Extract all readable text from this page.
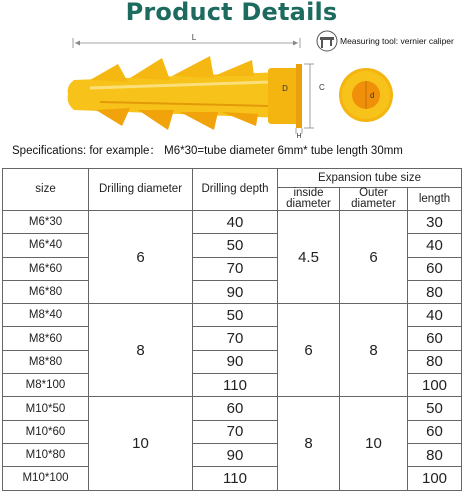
Product Details
L	Measuring tool: vernier caliper
D	C
H
d
Specifications: for example： M6*30=tube diameter 6mm* tube length 30mm
size	Drilling diameter	Drilling depth	Expansion tube size		
			inside diameter	Outer diameter	length
M6*30	6	40	4.5	6	30
M6*40		50			40
M6*60		70			60
M6*80		90			80
M8*40	8	50	6	8	40
M8*60		70			60
M8*80		90			80
M8*100		110			100
M10*50	10	60	8	10	50
M10*60		70			60
M10*80		90			80
M10*100		110			100
